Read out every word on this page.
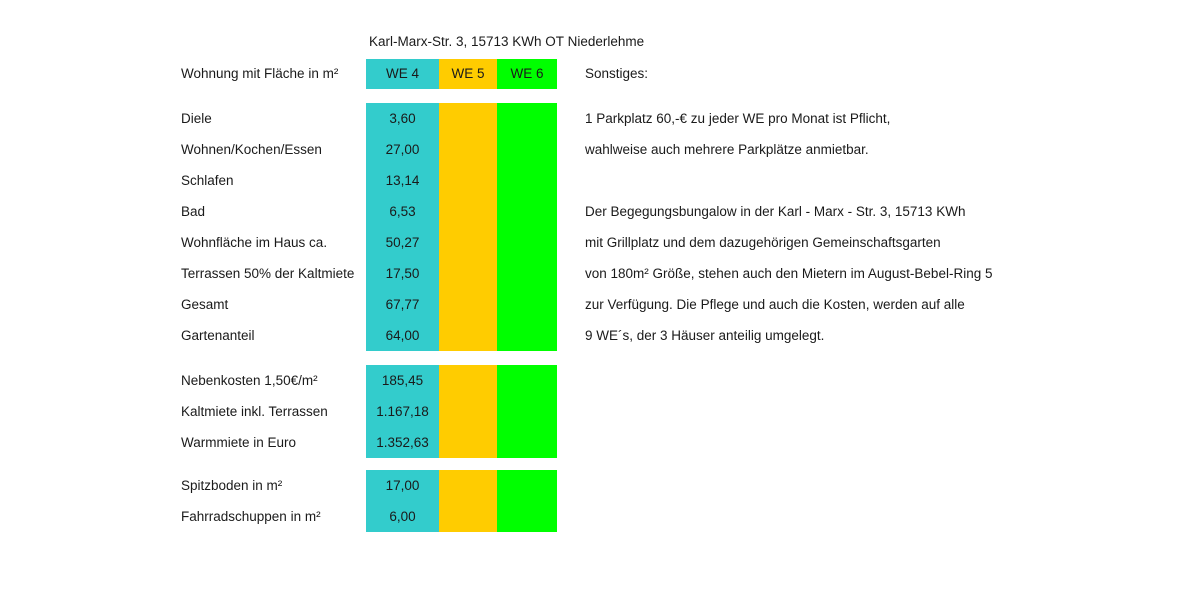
Karl-Marx-Str. 3, 15713 KWh OT Niederlehme
Wohnung mit Fläche in m²	WE 4	WE 5	WE 6	Sonstiges:
Diele	3,60
Wohnen/Kochen/Essen	27,00
Schlafen	13,14
Bad	6,53
Wohnfläche im Haus ca.	50,27
Terrassen 50% der Kaltmiete	17,50
Gesamt	67,77
Gartenanteil	64,00
Nebenkosten 1,50€/m²	185,45
Kaltmiete inkl. Terrassen	1.167,18
Warmmiete in Euro	1.352,63
Spitzboden in m²	17,00
Fahrradschuppen in m²	6,00
1 Parkplatz 60,-€ zu jeder WE pro Monat ist Pflicht,
wahlweise auch mehrere Parkplätze anmietbar.
Der Begegungsbungalow in der Karl - Marx - Str. 3, 15713 KWh
mit Grillplatz und dem dazugehörigen Gemeinschaftsgarten
von 180m² Größe, stehen auch den Mietern im August-Bebel-Ring 5
zur Verfügung. Die Pflege und auch die Kosten, werden auf alle
9 WE´s, der 3 Häuser anteilig umgelegt.
